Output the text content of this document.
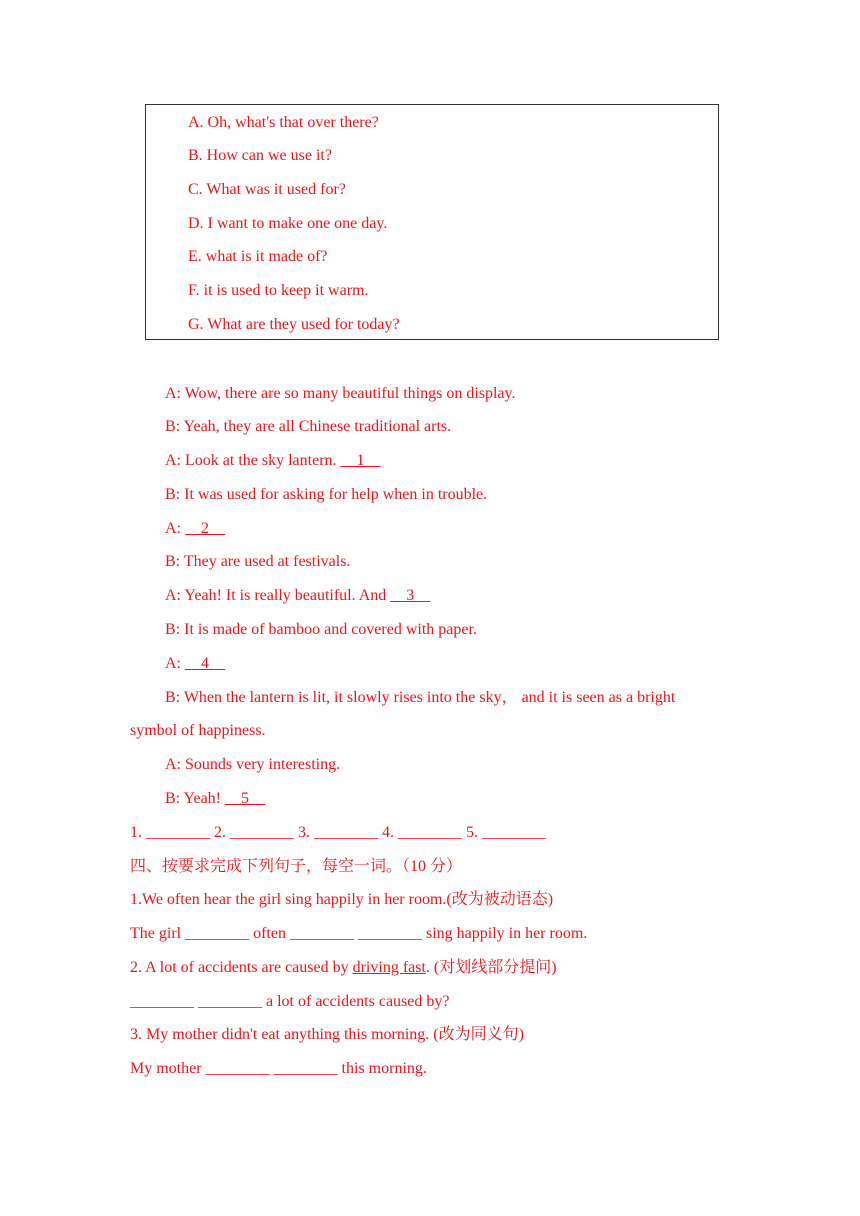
A. Oh, what's that over there?
B. How can we use it?
C. What was it used for?
D. I want to make one one day.
E. what is it made of?
F. it is used to keep it warm.
G. What are they used for today?
A: Wow, there are so many beautiful things on display.
B: Yeah, they are all Chinese traditional arts.
A: Look at the sky lantern. __1__
B: It was used for asking for help when in trouble.
A: __2__
B: They are used at festivals.
A: Yeah! It is really beautiful. And __3__
B: It is made of bamboo and covered with paper.
A: __4__
B: When the lantern is lit, it slowly rises into the sky， and it is seen as a bright
symbol of happiness.
A: Sounds very interesting.
B: Yeah! __5__
1. ________ 2. ________ 3. ________ 4. ________ 5. ________
四、按要求完成下列句子，每空一词。（10 分）
1.We often hear the girl sing happily in her room.(改为被动语态)
The girl ________ often ________ ________ sing happily in her room.
2. A lot of accidents are caused by driving fast. (对划线部分提问)
________ ________ a lot of accidents caused by?
3. My mother didn't eat anything this morning. (改为同义句)
My mother ________ ________ this morning.
